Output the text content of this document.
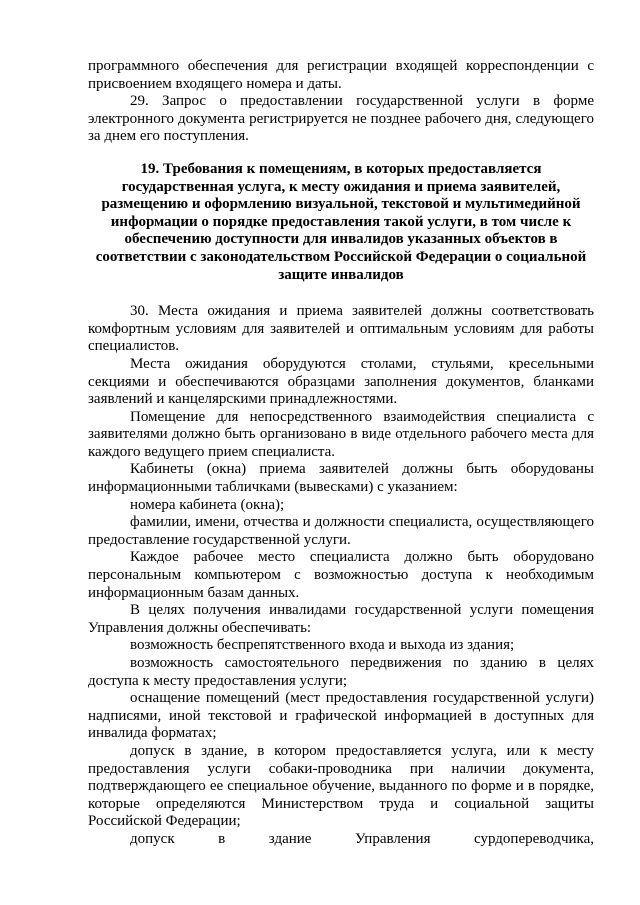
программного обеспечения для регистрации входящей корреспонденции с присвоением входящего номера и даты.

29. Запрос о предоставлении государственной услуги в форме электронного документа регистрируется не позднее рабочего дня, следующего за днем его поступления.

19. Требования к помещениям, в которых предоставляется государственная услуга, к месту ожидания и приема заявителей, размещению и оформлению визуальной, текстовой и мультимедийной информации о порядке предоставления такой услуги, в том числе к обеспечению доступности для инвалидов указанных объектов в соответствии с законодательством Российской Федерации о социальной защите инвалидов

30. Места ожидания и приема заявителей должны соответствовать комфортным условиям для заявителей и оптимальным условиям для работы специалистов.

Места ожидания оборудуются столами, стульями, кресельными секциями и обеспечиваются образцами заполнения документов, бланками заявлений и канцелярскими принадлежностями.

Помещение для непосредственного взаимодействия специалиста с заявителями должно быть организовано в виде отдельного рабочего места для каждого ведущего прием специалиста.

Кабинеты (окна) приема заявителей должны быть оборудованы информационными табличками (вывесками) с указанием:

номера кабинета (окна);

фамилии, имени, отчества и должности специалиста, осуществляющего предоставление государственной услуги.

Каждое рабочее место специалиста должно быть оборудовано персональным компьютером с возможностью доступа к необходимым информационным базам данных.

В целях получения инвалидами государственной услуги помещения Управления должны обеспечивать:

возможность беспрепятственного входа и выхода из здания;

возможность самостоятельного передвижения по зданию в целях доступа к месту предоставления услуги;

оснащение помещений (мест предоставления государственной услуги) надписями, иной текстовой и графической информацией в доступных для инвалида форматах;

допуск в здание, в котором предоставляется услуга, или к месту предоставления услуги собаки-проводника при наличии документа, подтверждающего ее специальное обучение, выданного по форме и в порядке, которые определяются Министерством труда и социальной защиты Российской Федерации;

допуск в здание Управления сурдопереводчика,
